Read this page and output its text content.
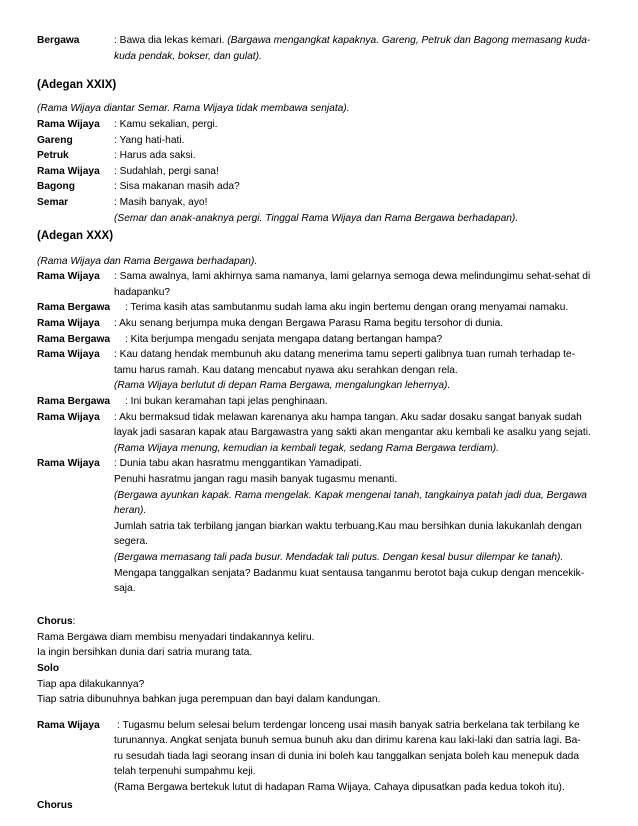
Bergawa	: Bawa dia lekas kemari. (Bargawa mengangkat kapaknya. Gareng, Petruk dan Bagong memasang kuda-
kuda pendak, bokser, dan gulat).
(Adegan XXIX)
(Rama Wijaya diantar Semar. Rama Wijaya tidak membawa senjata).
Rama Wijaya : Kamu sekalian, pergi.
Gareng	: Yang hati-hati.
Petruk	: Harus ada saksi.
Rama Wijaya : Sudahlah, pergi sana!
Bagong	: Sisa makanan masih ada?
Semar	: Masih banyak, ayo!
(Semar dan anak-anaknya pergi. Tinggal Rama Wijaya dan Rama Bergawa berhadapan).
(Adegan XXX)
(Rama Wijaya dan Rama Bergawa berhadapan).
Rama Wijaya : Sama awalnya, lami akhirnya sama namanya, lami gelarnya semoga dewa melindungimu sehat-sehat di
hadapanku?
Rama Bergawa : Terima kasih atas sambutanmu sudah lama aku ingin bertemu dengan orang menyamai namaku.
Rama Wijaya : Aku senang berjumpa muka dengan Bergawa Parasu Rama begitu tersohor di dunia.
Rama Bergawa : Kita berjumpa mengadu senjata mengapa datang bertangan hampa?
Rama Wijaya : Kau datang hendak membunuh aku datang menerima tamu seperti galibnya tuan rumah terhadap te-
tamu harus ramah. Kau datang mencabut nyawa aku serahkan dengan rela.
(Rama Wijaya berlutut di depan Rama Bergawa, mengalungkan lehernya).
Rama Bergawa : Ini bukan keramahan tapi jelas penghinaan.
Rama Wijaya : Aku bermaksud tidak melawan karenanya aku hampa tangan. Aku sadar dosaku sangat banyak sudah
layak jadi sasaran kapak atau Bargawastra yang sakti akan mengantar aku kembali ke asalku yang sejati.
(Rama Wijaya menung, kemudian ia kembali tegak, sedang Rama Bergawa terdiam).
Rama Wijaya : Dunia tabu akan hasratmu menggantikan Yamadipati.
Penuhi hasratmu jangan ragu masih banyak tugasmu menanti.
(Bergawa ayunkan kapak. Rama mengelak. Kapak mengenai tanah, tangkainya patah jadi dua, Bergawa
heran).
Jumlah satria tak terbilang jangan biarkan waktu terbuang.Kau mau bersihkan dunia lakukanlah dengan
segera.
(Bergawa memasang tali pada busur. Mendadak tali putus. Dengan kesal busur dilempar ke tanah).
Mengapa tanggalkan senjata? Badanmu kuat sentausa tanganmu berotot baja cukup dengan mencekik-
saja.
Chorus:
Rama Bergawa diam membisu menyadari tindakannya keliru.
Ia ingin bersihkan dunia dari satria murang tata.
Solo
Tiap apa dilakukannya?
Tiap satria dibunuhnya bahkan juga perempuan dan bayi dalam kandungan.
Rama Wijaya : Tugasmu belum selesai belum terdengar lonceng usai masih banyak satria berkelana tak terbilang ke
turunannya. Angkat senjata bunuh semua bunuh aku dan dirimu karena kau laki-laki dan satria lagi. Ba-
ru sesudah tiada lagi seorang insan di dunia ini boleh kau tanggalkan senjata boleh kau menepuk dada
telah terpenuhi sumpahmu keji.
(Rama Bergawa bertekuk lutut di hadapan Rama Wijaya. Cahaya dipusatkan pada kedua tokoh itu).
Chorus
